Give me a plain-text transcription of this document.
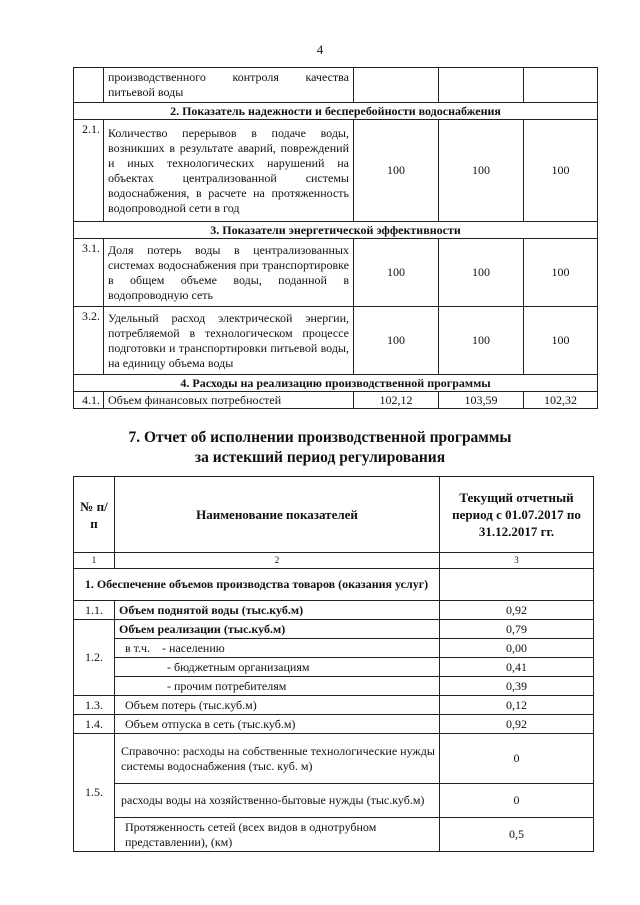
4
	производственного контроля качества питьевой воды			
2. Показатель надежности и бесперебойности водоснабжения				
2.1.	Количество перерывов в подаче воды, возникших в результате аварий, повреждений и иных технологических нарушений на объектах централизованной системы водоснабжения, в расчете на протяженность водопроводной сети в год	100	100	100
3. Показатели энергетической эффективности				
3.1.	Доля потерь воды в централизованных системах водоснабжения при транспортировке в общем объеме воды, поданной в водопроводную сеть	100	100	100
3.2.	Удельный расход электрической энергии, потребляемой в технологическом процессе подготовки и транспортировки питьевой воды, на единицу объема воды	100	100	100
4. Расходы на реализацию производственной программы				
4.1.	Объем финансовых потребностей	102,12	103,59	102,32
7. Отчет об исполнении производственной программы
за истекший период регулирования
№ п/п	Наименование показателей	Текущий отчетный период с 01.07.2017 по 31.12.2017 гг.
1	2	3
1. Обеспечение объемов производства товаров (оказания услуг)		
1.1.	Объем поднятой воды (тыс.куб.м)	0,92
1.2.	Объем реализации (тыс.куб.м)	0,79
	в т.ч. - населению	0,00
	- бюджетным организациям	0,41
	- прочим потребителям	0,39
1.3.	Объем потерь (тыс.куб.м)	0,12
1.4.	Объем отпуска в сеть (тыс.куб.м)	0,92
1.5.	Справочно: расходы на собственные технологические нужды системы водоснабжения (тыс. куб. м)	0
	расходы воды на хозяйственно-бытовые нужды (тыс.куб.м)	0
	Протяженность сетей (всех видов в однотрубном представлении), (км)	0,5
